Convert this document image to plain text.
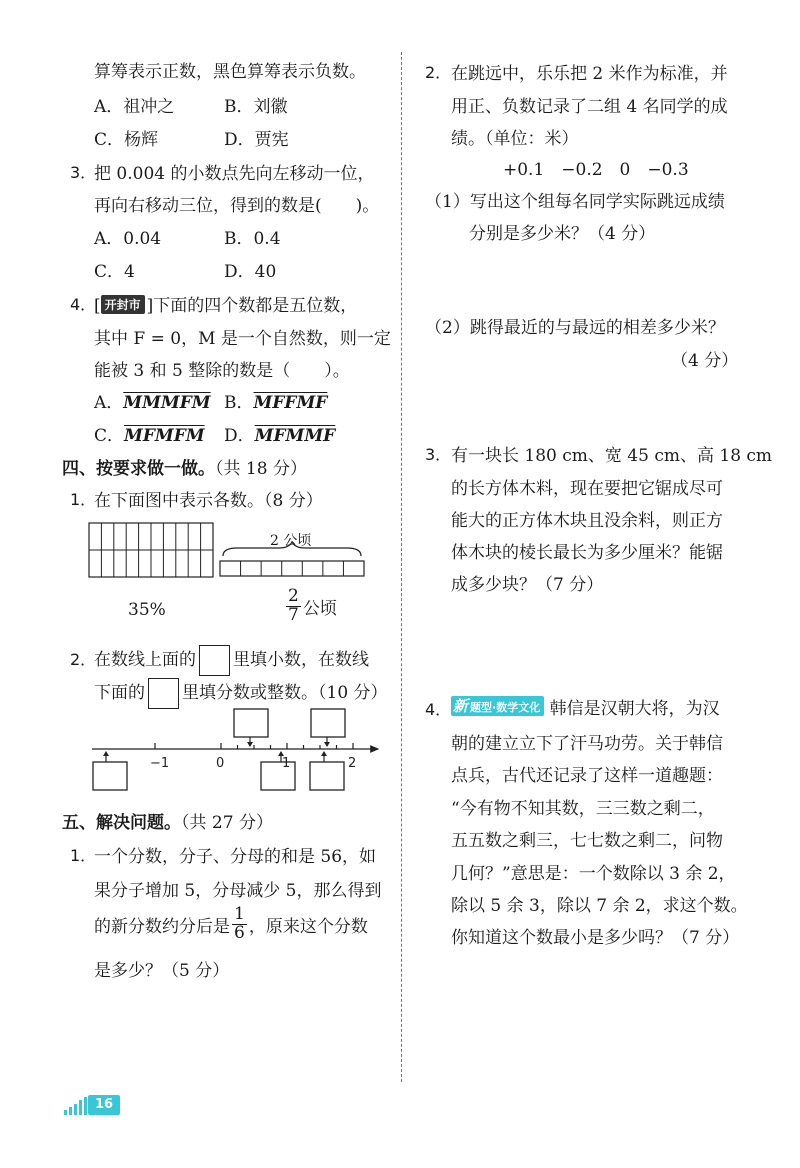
算筹表示正数，黑色算筹表示负数。
A．祖冲之	B．刘徽
C．杨辉	D．贾宪
3．
把 0.004 的小数点先向左移动一位，
再向右移动三位，得到的数是(　　)。
A．0.04	B．0.4
C．4	D．40
4．
[ 开封市 ]下面的四个数都是五位数，
其中 F = 0，M 是一个自然数，则一定
能被 3 和 5 整除的数是（　　）。
A．MMMFM B．MFFMF
C．MFMFM D．MFMMF
四、按要求做一做。（共 18 分）
1．
在下面图中表示各数。（8 分）
2 公顷
35%	$\frac{2}{7}$ 公顷
2．
在数线上面的 里填小数，在数线
下面的 里填分数或整数。（10 分）
−1	0	1	2
五、解决问题。（共 27 分）
1．
一个分数，分子、分母的和是 56，如
果分子增加 5，分母减少 5，那么得到
的新分数约分后是 $\frac{1}{6}$ ，原来这个分数
是多少？（5 分）
2． 在跳远中，乐乐把 2 米作为标准，并
用正、负数记录了二组 4 名同学的成
绩。（单位：米）
+0.1　−0.2　0　−0.3
（1）写出这个组每名同学实际跳远成绩
分别是多少米？（4 分）
（2）跳得最近的与最远的相差多少米？
（4 分）
3． 有一块长 180 cm、宽 45 cm、高 18 cm
的长方体木料，现在要把它锯成尽可
能大的正方体木块且没余料，则正方
体木块的棱长最长为多少厘米？能锯
成多少块？（7 分）
4． 新 题型·数学文化 韩信是汉朝大将，为汉
朝的建立立下了汗马功劳。关于韩信
点兵，古代还记录了这样一道趣题：
“今有物不知其数，三三数之剩二，
五五数之剩三，七七数之剩二，问物
几何？”意思是：一个数除以 3 余 2，
除以 5 余 3，除以 7 余 2，求这个数。
你知道这个数最小是多少吗？（7 分）
16
